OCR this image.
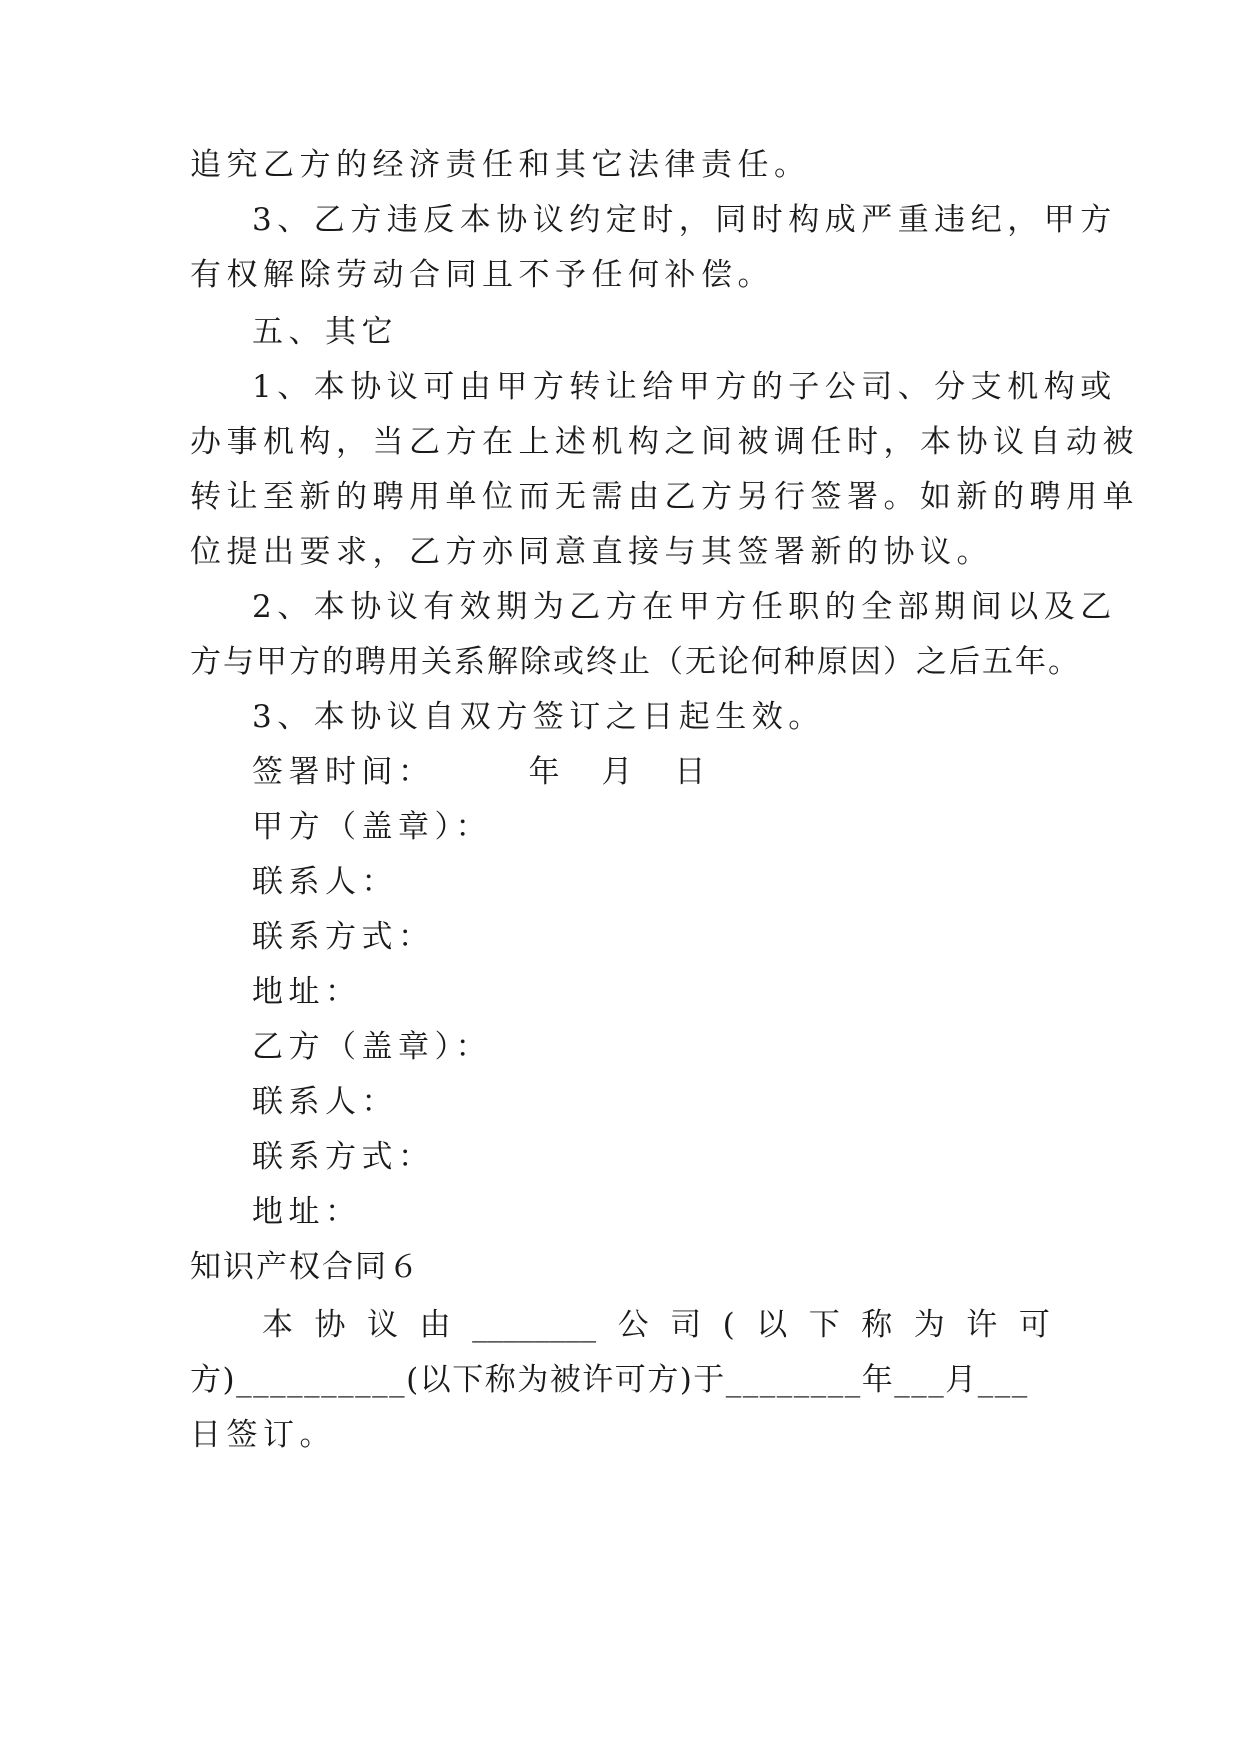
追究乙方的经济责任和其它法律责任。
3、乙方违反本协议约定时，同时构成严重违纪，甲方
有权解除劳动合同且不予任何补偿。
五、其它
1、本协议可由甲方转让给甲方的子公司、分支机构或
办事机构，当乙方在上述机构之间被调任时，本协议自动被
转让至新的聘用单位而无需由乙方另行签署。如新的聘用单
位提出要求，乙方亦同意直接与其签署新的协议。
2、本协议有效期为乙方在甲方任职的全部期间以及乙
方与甲方的聘用关系解除或终止（无论何种原因）之后五年。
3、本协议自双方签订之日起生效。
签署时间：　　　年　月　日
甲方（盖章）：
联系人：
联系方式：
地址：
乙方（盖章）：
联系人：
联系方式：
地址：
知识产权合同６
本 协 议 由 ________ 公 司 ( 以 下 称 为 许 可
方)__________(以下称为被许可方)于________年___月___
日签订。
